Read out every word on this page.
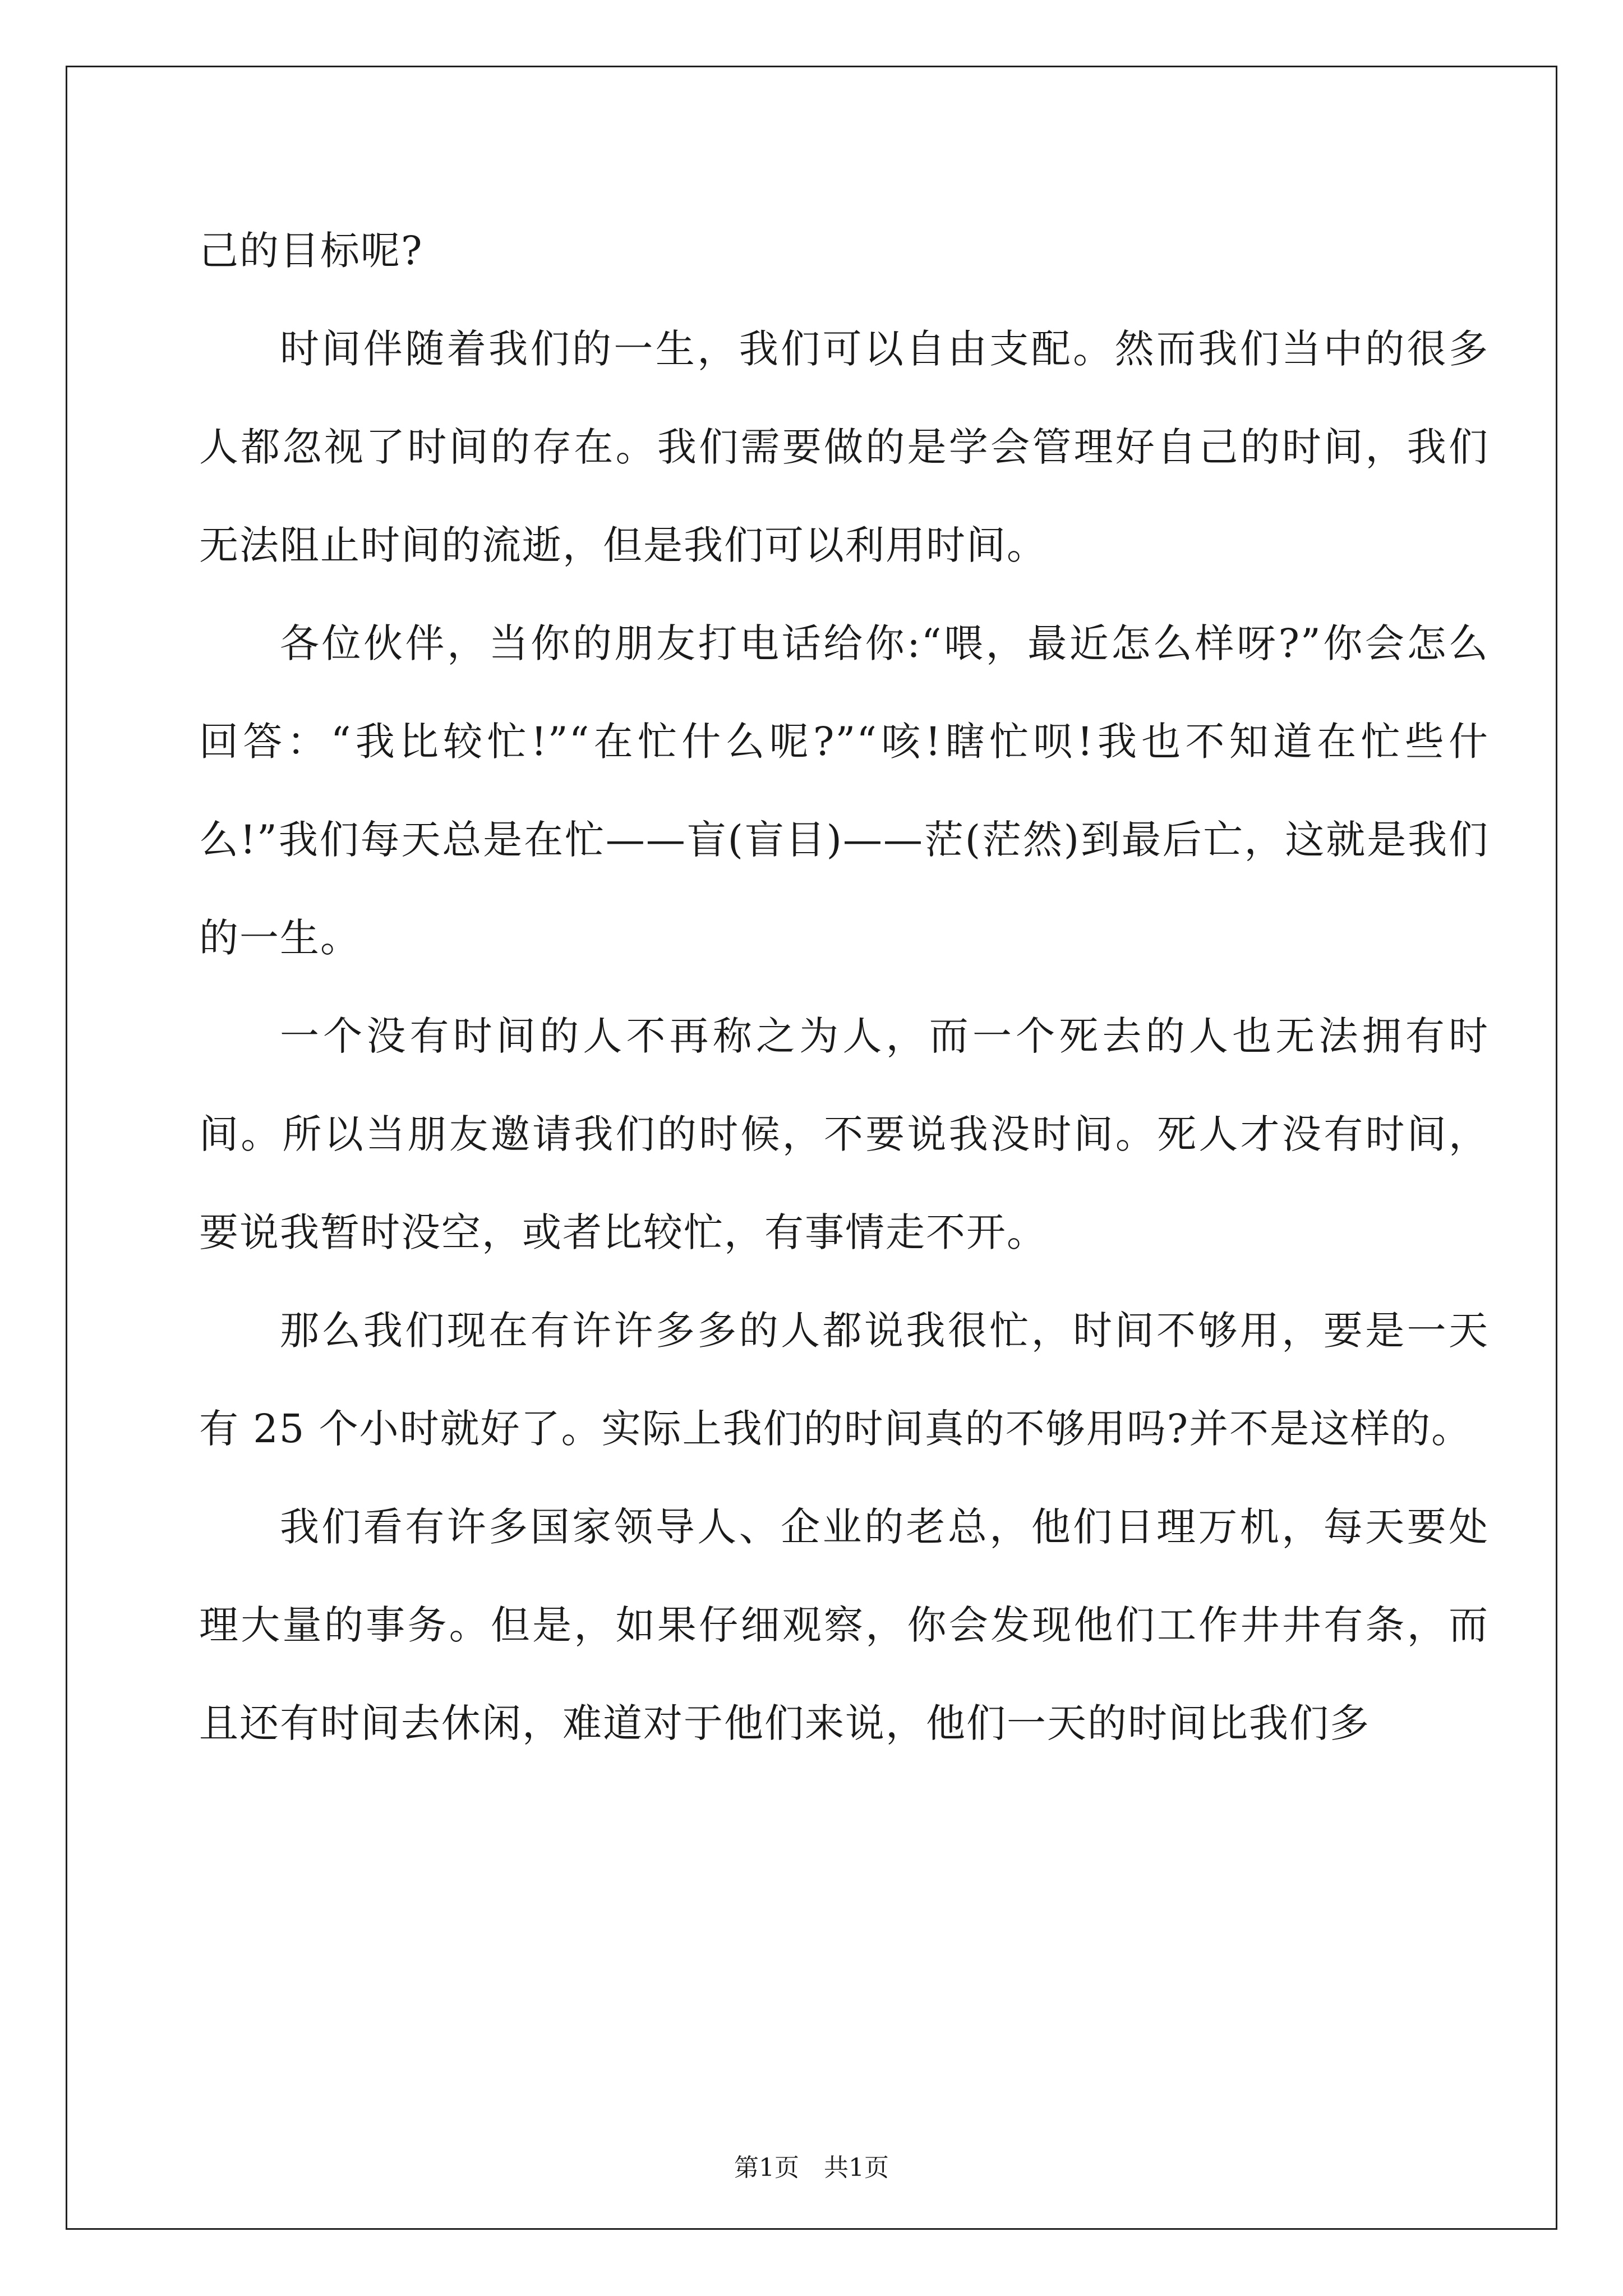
己的目标呢?

时间伴随着我们的一生，我们可以自由支配。然而我们当中的很多人都忽视了时间的存在。我们需要做的是学会管理好自己的时间，我们无法阻止时间的流逝，但是我们可以利用时间。

各位伙伴，当你的朋友打电话给你:“喂，最近怎么样呀?”你会怎么回答：“我比较忙!”“在忙什么呢?”“咳!瞎忙呗!我也不知道在忙些什么!”我们每天总是在忙——盲(盲目)——茫(茫然)到最后亡，这就是我们的一生。

一个没有时间的人不再称之为人，而一个死去的人也无法拥有时间。所以当朋友邀请我们的时候，不要说我没时间。死人才没有时间，要说我暂时没空，或者比较忙，有事情走不开。

那么我们现在有许许多多的人都说我很忙，时间不够用，要是一天有 25 个小时就好了。实际上我们的时间真的不够用吗?并不是这样的。

我们看有许多国家领导人、企业的老总，他们日理万机，每天要处理大量的事务。但是，如果仔细观察，你会发现他们工作井井有条，而且还有时间去休闲，难道对于他们来说，他们一天的时间比我们多

第1页 共1页
